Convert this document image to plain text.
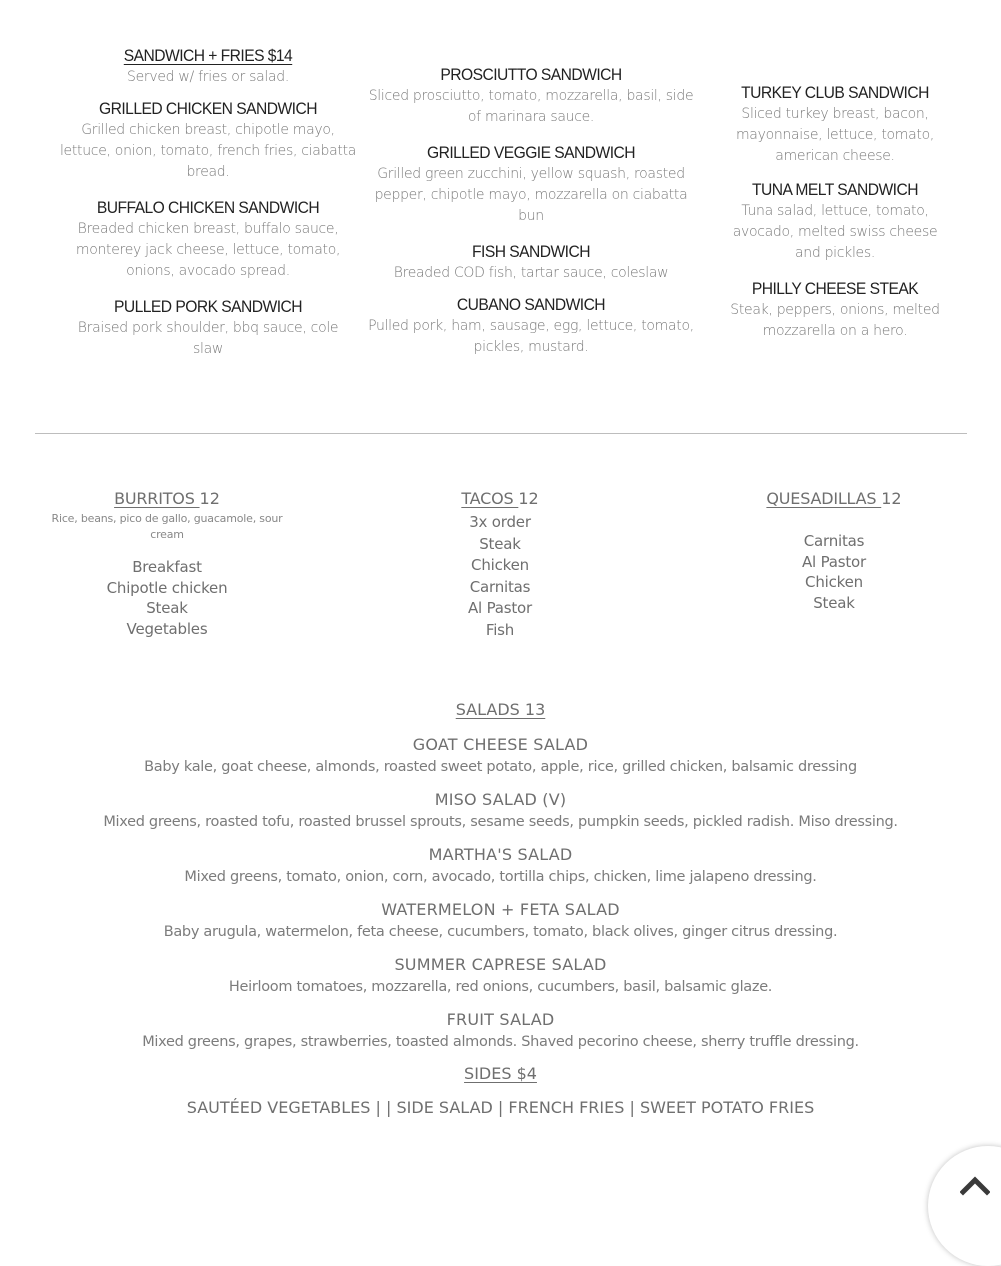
SANDWICH + FRIES $14
Served w/ fries or salad.
GRILLED CHICKEN SANDWICH
Grilled chicken breast, chipotle mayo, lettuce, onion, tomato, french fries, ciabatta bread.
BUFFALO CHICKEN SANDWICH
Breaded chicken breast, buffalo sauce, monterey jack cheese, lettuce, tomato, onions, avocado spread.
PULLED PORK SANDWICH
Braised pork shoulder, bbq sauce, cole slaw
PROSCIUTTO SANDWICH
Sliced prosciutto, tomato, mozzarella, basil, side of marinara sauce.
GRILLED VEGGIE SANDWICH
Grilled green zucchini, yellow squash, roasted pepper, chipotle mayo, mozzarella on ciabatta bun
FISH SANDWICH
Breaded COD fish, tartar sauce, coleslaw
CUBANO SANDWICH
Pulled pork, ham, sausage, egg, lettuce, tomato, pickles, mustard.
TURKEY CLUB SANDWICH
Sliced turkey breast, bacon, mayonnaise, lettuce, tomato, american cheese.
TUNA MELT SANDWICH
Tuna salad, lettuce, tomato, avocado, melted swiss cheese and pickles.
PHILLY CHEESE STEAK
Steak, peppers, onions, melted mozzarella on a hero.
BURRITOS 12
Rice, beans, pico de gallo, guacamole, sour cream
Breakfast
Chipotle chicken
Steak
Vegetables
TACOS 12
3x order
Steak
Chicken
Carnitas
Al Pastor
Fish
QUESADILLAS 12
Carnitas
Al Pastor
Chicken
Steak
SALADS 13
GOAT CHEESE SALAD
Baby kale, goat cheese, almonds, roasted sweet potato, apple, rice, grilled chicken, balsamic dressing
MISO SALAD (V)
Mixed greens, roasted tofu, roasted brussel sprouts, sesame seeds, pumpkin seeds, pickled radish. Miso dressing.
MARTHA'S SALAD
Mixed greens, tomato, onion, corn, avocado, tortilla chips, chicken, lime jalapeno dressing.
WATERMELON + FETA SALAD
Baby arugula, watermelon, feta cheese, cucumbers, tomato, black olives, ginger citrus dressing.
SUMMER CAPRESE SALAD
Heirloom tomatoes, mozzarella, red onions, cucumbers, basil, balsamic glaze.
FRUIT SALAD
Mixed greens, grapes, strawberries, toasted almonds. Shaved pecorino cheese, sherry truffle dressing.
SIDES $4
SAUTÉED VEGETABLES | | SIDE SALAD | FRENCH FRIES | SWEET POTATO FRIES
